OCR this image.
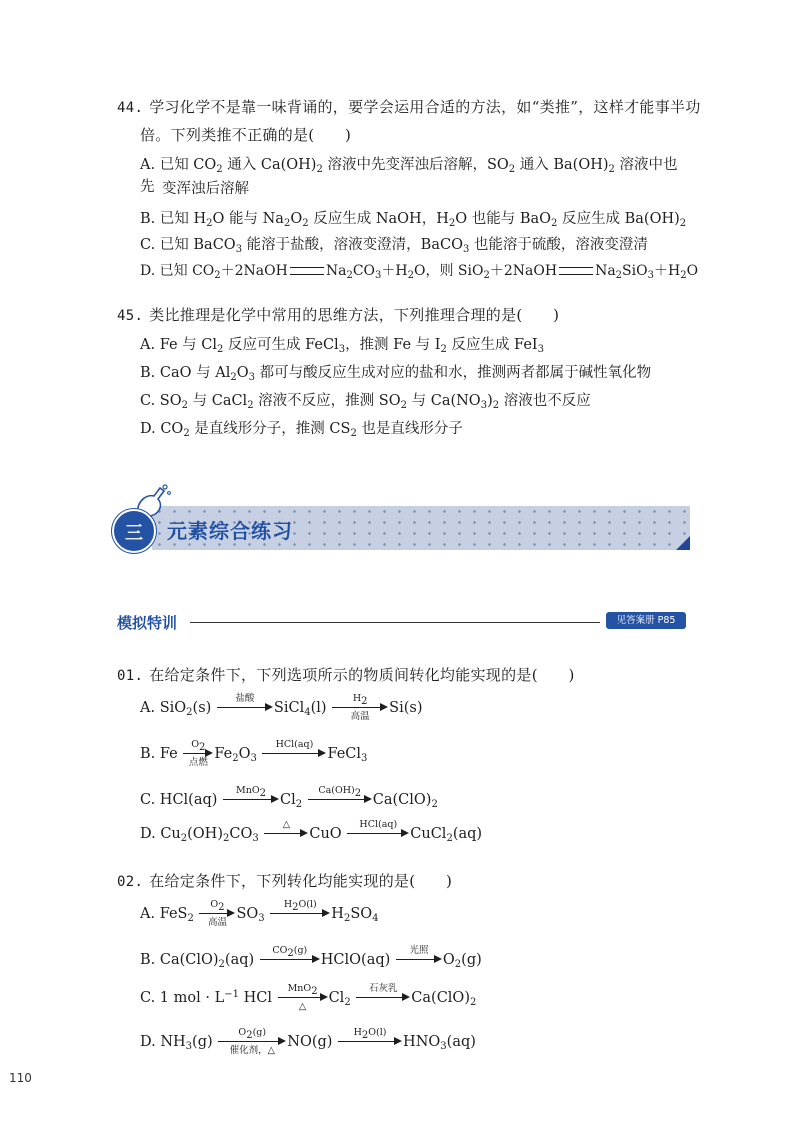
44. 学习化学不是靠一味背诵的，要学会运用合适的方法，如“类推”，这样才能事半功
倍。下列类推不正确的是(　　)
A. 已知 $CO_2$ 通入 $Ca(OH)_2$ 溶液中先变浑浊后溶解，$SO_2$ 通入 $Ba(OH)_2$ 溶液中也先 变浑浊后溶解
B. 已知 $H_2O$ 能与 $Na_2O_2$ 反应生成 NaOH，$H_2O$ 也能与 BaO$_2$ 反应生成 $Ba(OH)_2$
C. 已知 BaCO$_3$ 能溶于盐酸，溶液变澄清，BaCO$_3$ 也能溶于硫酸，溶液变澄清
D. 已知 $CO_2+2NaOH$	$Na_2CO_3+H_2O$，则 SiO$_2$＋2NaOH	$Na_2SiO_3+H_2O$
45. 类比推理是化学中常用的思维方法，下列推理合理的是(　　)
A. Fe 与 $Cl_2$ 反应可生成 FeCl$_3$，推测 Fe 与 $I_2$ 反应生成 FeI$_3$
B. CaO 与 $Al_2O_3$ 都可与酸反应生成对应的盐和水，推测两者都属于碱性氧化物
C. $SO_2$ 与 CaCl$_2$ 溶液不反应，推测 $SO_2$ 与 $Ca(NO_3)_2$ 溶液也不反应
D. $CO_2$ 是直线形分子，推测 $CS_2$ 也是直线形分子
三	元素综合练习
模拟特训	见答案册 P85
01. 在给定条件下，下列选项所示的物质间转化均能实现的是(　　)
A. SiO$_2$(s)
盐酸
SiCl$_4$(l)
$H_2$
高温
Si(s)
B. Fe
$O_2$
点燃
$Fe_2O_3$
HCl(aq)
FeCl$_3$
C. HCl(aq)
MnO$_2$ $Cl_2$
$Ca(OH)_2$ $Ca(ClO)_2$
D. $Cu_2(OH)_2CO_3$
△
CuO
HCl(aq)
CuCl$_2$(aq)
02. 在给定条件下，下列转化均能实现的是(　　)
A. FeS$_2$
$O_2$
高温
$SO_3$
$H_2O(l)$
$H_2SO_4$
B. $Ca(ClO)_2(aq)$
$CO_2(g)$
HClO(aq)
光照
$O_2(g)$
C. 1 mol · $L^{-1}$ HCl
MnO$_2$
△
$Cl_2$
石灰乳
$Ca(ClO)_2$
D. $NH_3(g)$
$O_2(g)$
催化剂，△
NO(g)
$H_2O(l)$
$HNO_3(aq)$
110
